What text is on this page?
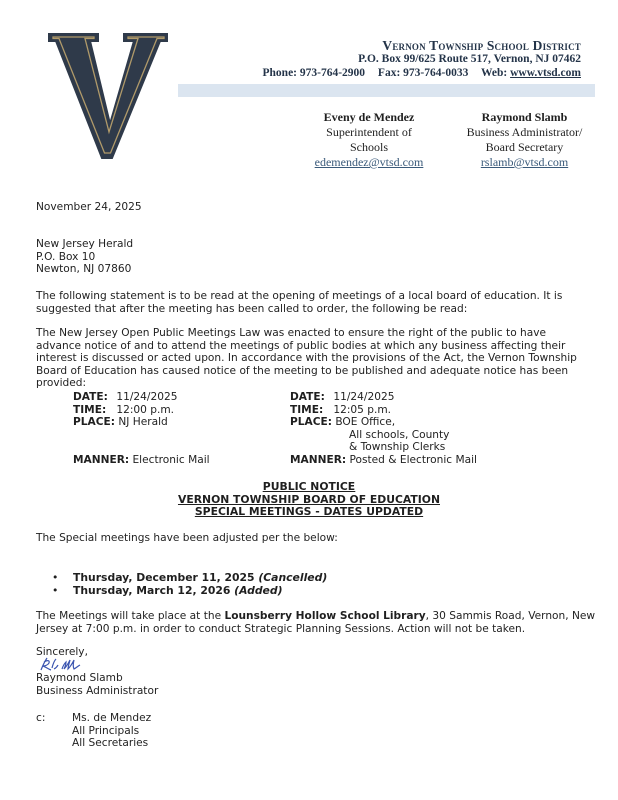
Vernon Township School District
P.O. Box 99/625 Route 517, Vernon, NJ 07462
Phone: 973-764-2900 Fax: 973-764-0033 Web: www.vtsd.com
Eveny de Mendez
Superintendent of
Schools
edemendez@vtsd.com
Raymond Slamb
Business Administrator/
Board Secretary
rslamb@vtsd.com
November 24, 2025
New Jersey Herald
P.O. Box 10
Newton, NJ 07860
The following statement is to be read at the opening of meetings of a local board of education. It is suggested that after the meeting has been called to order, the following be read:
The New Jersey Open Public Meetings Law was enacted to ensure the right of the public to have advance notice of and to attend the meetings of public bodies at which any business affecting their interest is discussed or acted upon. In accordance with the provisions of the Act, the Vernon Township Board of Education has caused notice of the meeting to be published and adequate notice has been provided:
DATE: 11/24/2025
TIME: 12:00 p.m.
PLACE: NJ Herald

MANNER: Electronic Mail
DATE: 11/24/2025
TIME: 12:05 p.m.
PLACE: BOE Office,
All schools, County
& Township Clerks
MANNER: Posted & Electronic Mail
PUBLIC NOTICE
VERNON TOWNSHIP BOARD OF EDUCATION
SPECIAL MEETINGS - DATES UPDATED
The Special meetings have been adjusted per the below:
• Thursday, December 11, 2025 (Cancelled)
• Thursday, March 12, 2026 (Added)
The Meetings will take place at the Lounsberry Hollow School Library, 30 Sammis Road, Vernon, New Jersey at 7:00 p.m. in order to conduct Strategic Planning Sessions. Action will not be taken.
Sincerely,
Raymond Slamb
Business Administrator
c:	Ms. de Mendez
All Principals
All Secretaries
